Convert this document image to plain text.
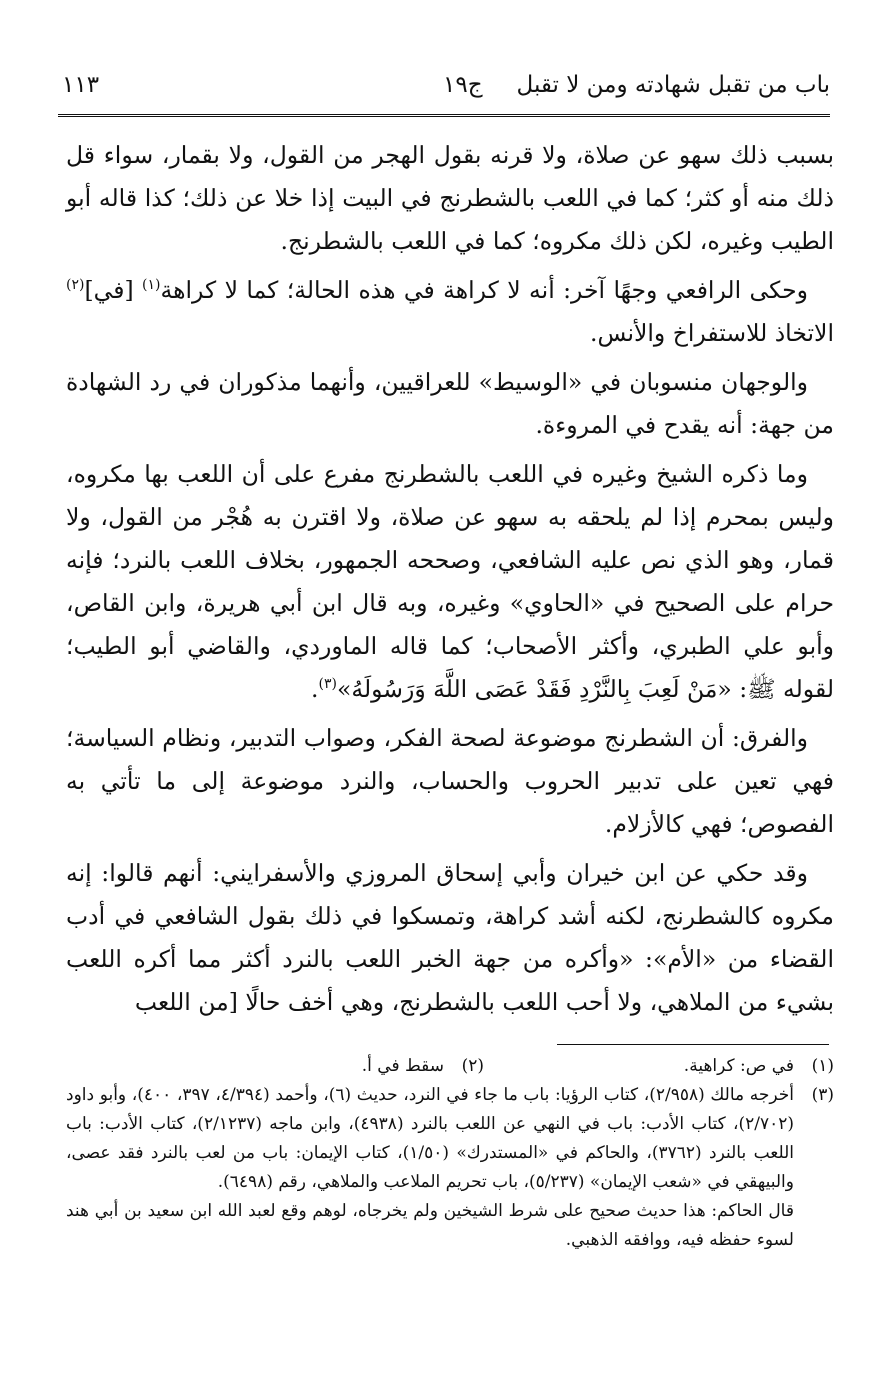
باب من تقبل شهادته ومن لا تقبل
ج١٩
١١٣

بسبب ذلك سهو عن صلاة، ولا قرنه بقول الهجر من القول، ولا بقمار، سواء قل ذلك منه أو كثر؛ كما في اللعب بالشطرنج في البيت إذا خلا عن ذلك؛ كذا قاله أبو الطيب وغيره، لكن ذلك مكروه؛ كما في اللعب بالشطرنج.

وحكى الرافعي وجهًا آخر: أنه لا كراهة في هذه الحالة؛ كما لا كراهة$^{(١)}$ [في]$^{(٢)}$ الاتخاذ للاستفراخ والأنس.

والوجهان منسوبان في «الوسيط» للعراقيين، وأنهما مذكوران في رد الشهادة من جهة: أنه يقدح في المروءة.

وما ذكره الشيخ وغيره في اللعب بالشطرنج مفرع على أن اللعب بها مكروه، وليس بمحرم إذا لم يلحقه به سهو عن صلاة، ولا اقترن به هُجْر من القول، ولا قمار، وهو الذي نص عليه الشافعي، وصححه الجمهور، بخلاف اللعب بالنرد؛ فإنه حرام على الصحيح في «الحاوي» وغيره، وبه قال ابن أبي هريرة، وابن القاص، وأبو علي الطبري، وأكثر الأصحاب؛ كما قاله الماوردي، والقاضي أبو الطيب؛ لقوله ﷺ: «مَنْ لَعِبَ بِالنَّرْدِ فَقَدْ عَصَى اللَّهَ وَرَسُولَهُ»$^{(٣)}$.

والفرق: أن الشطرنج موضوعة لصحة الفكر، وصواب التدبير، ونظام السياسة؛ فهي تعين على تدبير الحروب والحساب، والنرد موضوعة إلى ما تأتي به الفصوص؛ فهي كالأزلام.

وقد حكي عن ابن خيران وأبي إسحاق المروزي والأسفرايني: أنهم قالوا: إنه مكروه كالشطرنج، لكنه أشد كراهة، وتمسكوا في ذلك بقول الشافعي في أدب القضاء من «الأم»: «وأكره من جهة الخبر اللعب بالنرد أكثر مما أكره اللعب بشيء من الملاهي، ولا أحب اللعب بالشطرنج، وهي أخف حالًا [من اللعب

(١)
في ص: كراهية.
(٢)
سقط في أ.
(٣)
أخرجه مالك (٢/٩٥٨)، كتاب الرؤيا: باب ما جاء في النرد، حديث (٦)، وأحمد (٤/٣٩٤، ٣٩٧، ٤٠٠)، وأبو داود (٢/٧٠٢)، كتاب الأدب: باب في النهي عن اللعب بالنرد (٤٩٣٨)، وابن ماجه (٢/١٢٣٧)، كتاب الأدب: باب اللعب بالنرد (٣٧٦٢)، والحاكم في «المستدرك» (١/٥٠)، كتاب الإيمان: باب من لعب بالنرد فقد عصى، والبيهقي في «شعب الإيمان» (٥/٢٣٧)، باب تحريم الملاعب والملاهي، رقم (٦٤٩٨).
قال الحاكم: هذا حديث صحيح على شرط الشيخين ولم يخرجاه، لوهم وقع لعبد الله ابن سعيد بن أبي هند لسوء حفظه فيه، ووافقه الذهبي.
